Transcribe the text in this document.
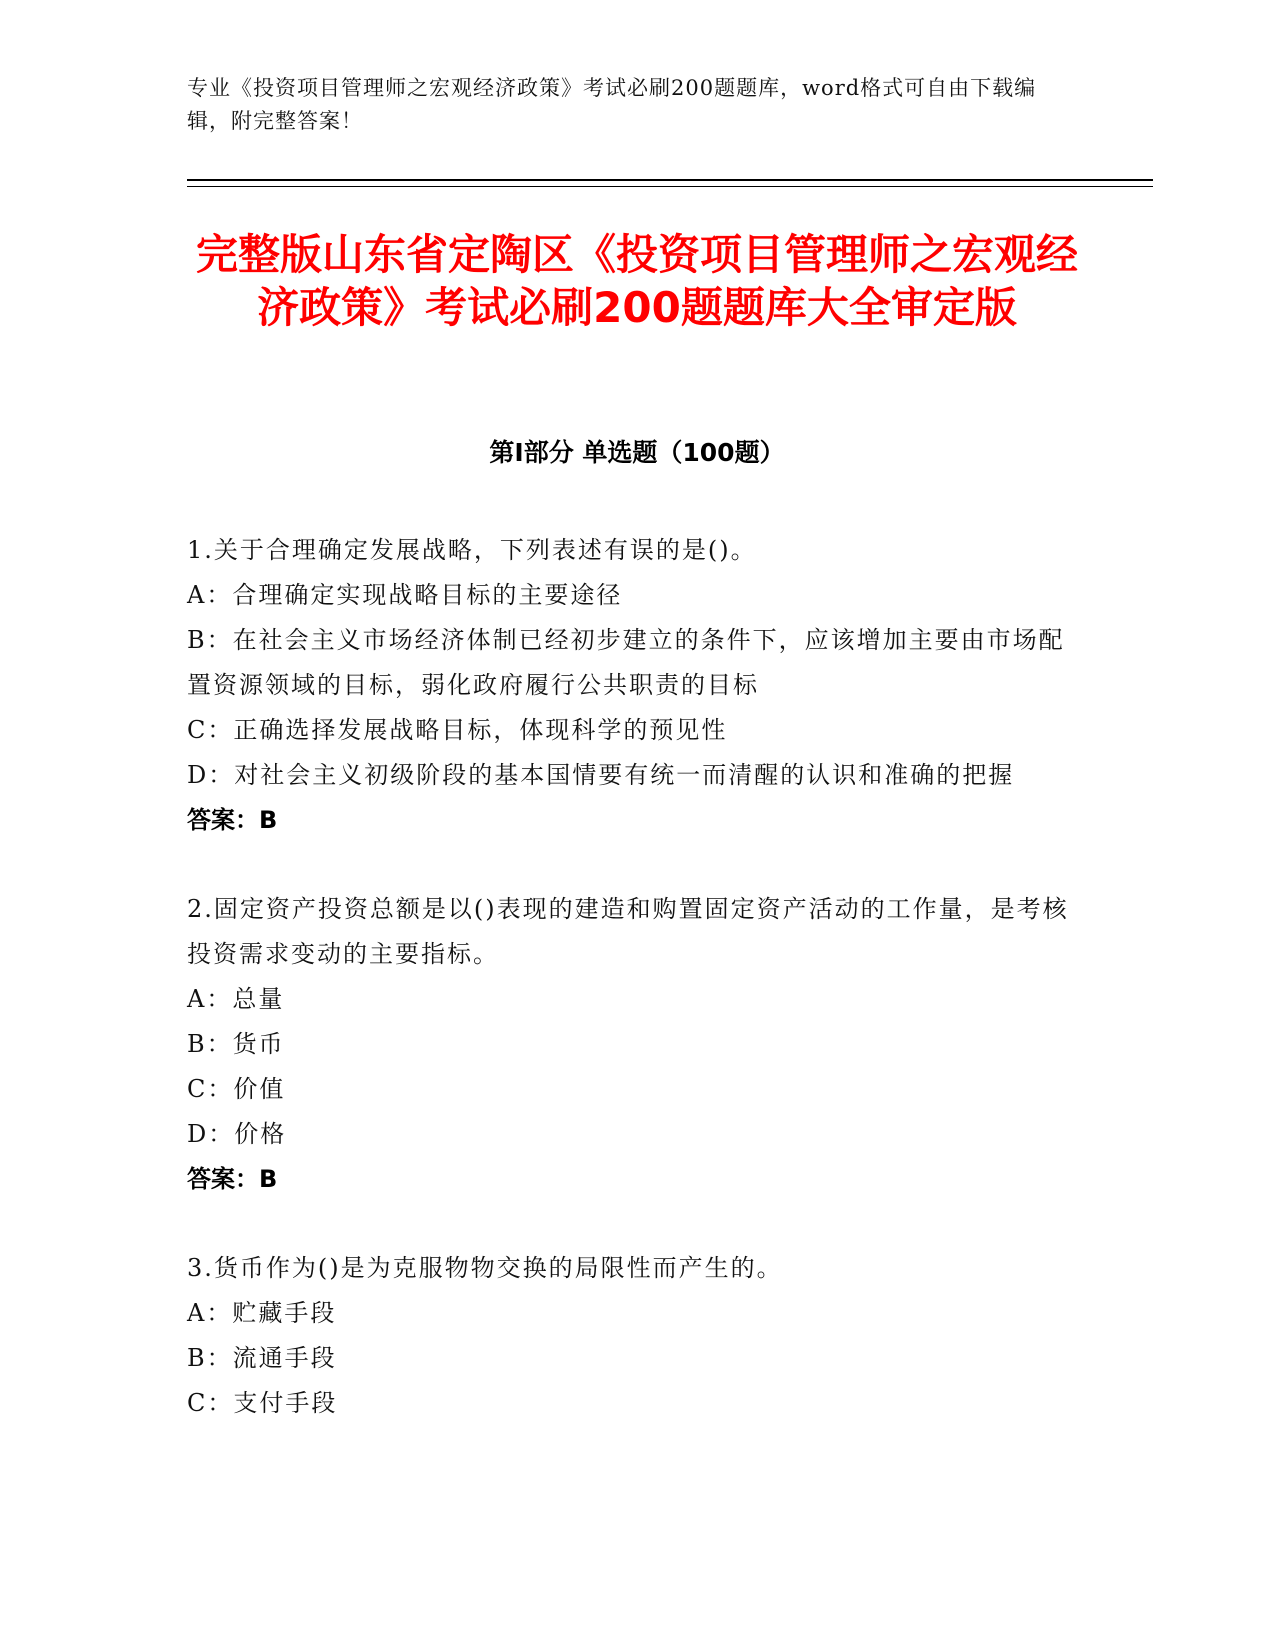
专业《投资项目管理师之宏观经济政策》考试必刷200题题库，word格式可自由下载编辑，附完整答案！
完整版山东省定陶区《投资项目管理师之宏观经济政策》考试必刷200题题库大全审定版
第I部分 单选题（100题）
1.关于合理确定发展战略，下列表述有误的是()。
A：合理确定实现战略目标的主要途径
B：在社会主义市场经济体制已经初步建立的条件下，应该增加主要由市场配置资源领域的目标，弱化政府履行公共职责的目标
C：正确选择发展战略目标，体现科学的预见性
D：对社会主义初级阶段的基本国情要有统一而清醒的认识和准确的把握
答案：B
2.固定资产投资总额是以()表现的建造和购置固定资产活动的工作量，是考核投资需求变动的主要指标。
A：总量
B：货币
C：价值
D：价格
答案：B
3.货币作为()是为克服物物交换的局限性而产生的。
A：贮藏手段
B：流通手段
C：支付手段
